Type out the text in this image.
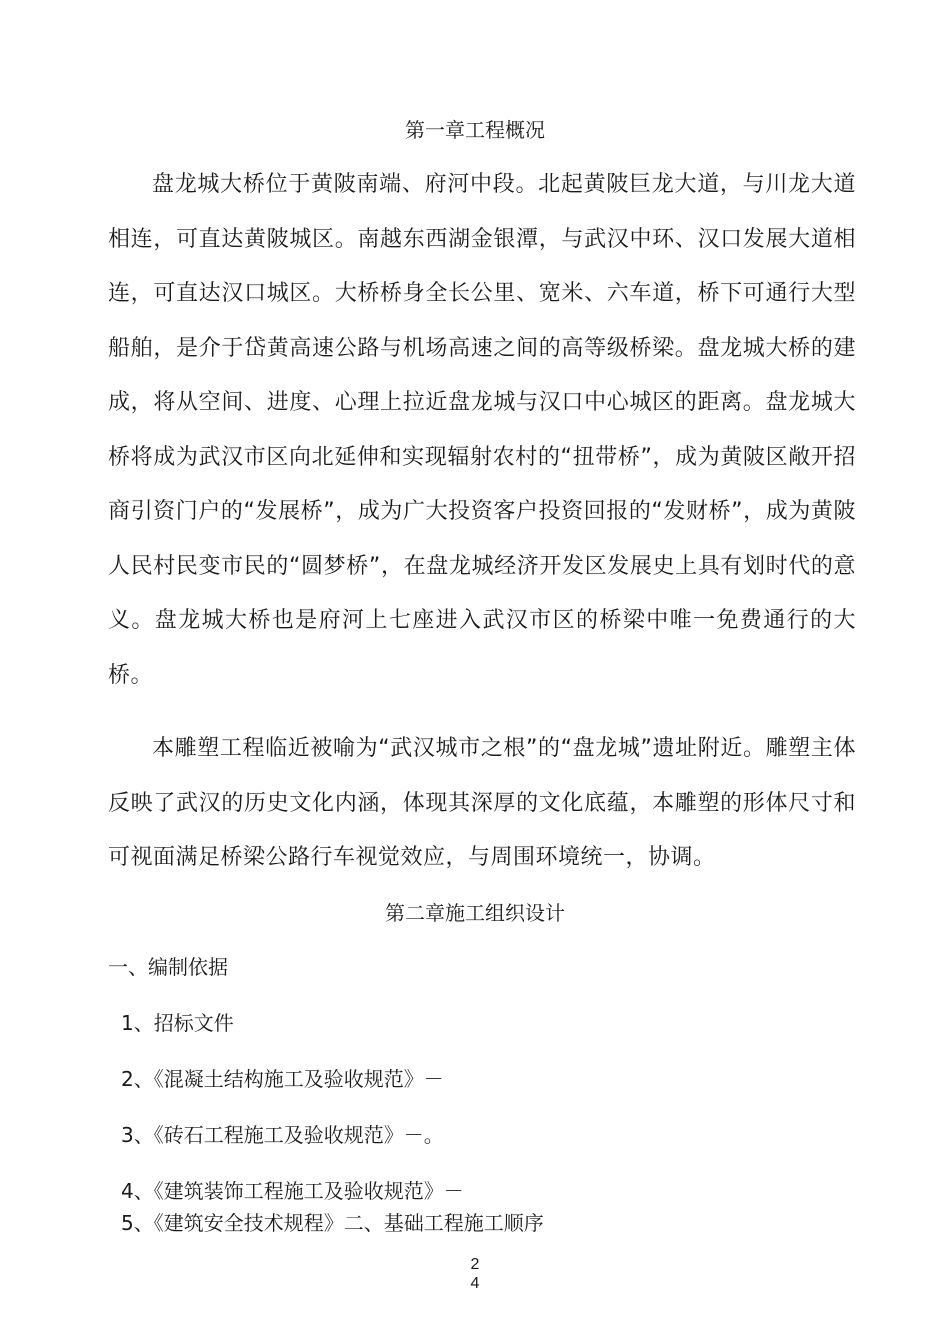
第一章工程概况

盘龙城大桥位于黄陂南端、府河中段。北起黄陂巨龙大道，与川龙大道相连，可直达黄陂城区。南越东西湖金银潭，与武汉中环、汉口发展大道相连，可直达汉口城区。大桥桥身全长公里、宽米、六车道，桥下可通行大型船舶，是介于岱黄高速公路与机场高速之间的高等级桥梁。盘龙城大桥的建成，将从空间、进度、心理上拉近盘龙城与汉口中心城区的距离。盘龙城大桥将成为武汉市区向北延伸和实现辐射农村的“扭带桥”，成为黄陂区敞开招商引资门户的“发展桥”，成为广大投资客户投资回报的“发财桥”，成为黄陂人民村民变市民的“圆梦桥”，在盘龙城经济开发区发展史上具有划时代的意义。盘龙城大桥也是府河上七座进入武汉市区的桥梁中唯一免费通行的大桥。

本雕塑工程临近被喻为“武汉城市之根”的“盘龙城”遗址附近。雕塑主体反映了武汉的历史文化内涵，体现其深厚的文化底蕴，本雕塑的形体尺寸和可视面满足桥梁公路行车视觉效应，与周围环境统一，协调。

第二章施工组织设计

一、编制依据

1、招标文件

2、《混凝土结构施工及验收规范》－

3、《砖石工程施工及验收规范》－。

4、《建筑装饰工程施工及验收规范》－

5、《建筑安全技术规程》二、基础工程施工顺序

2
4
